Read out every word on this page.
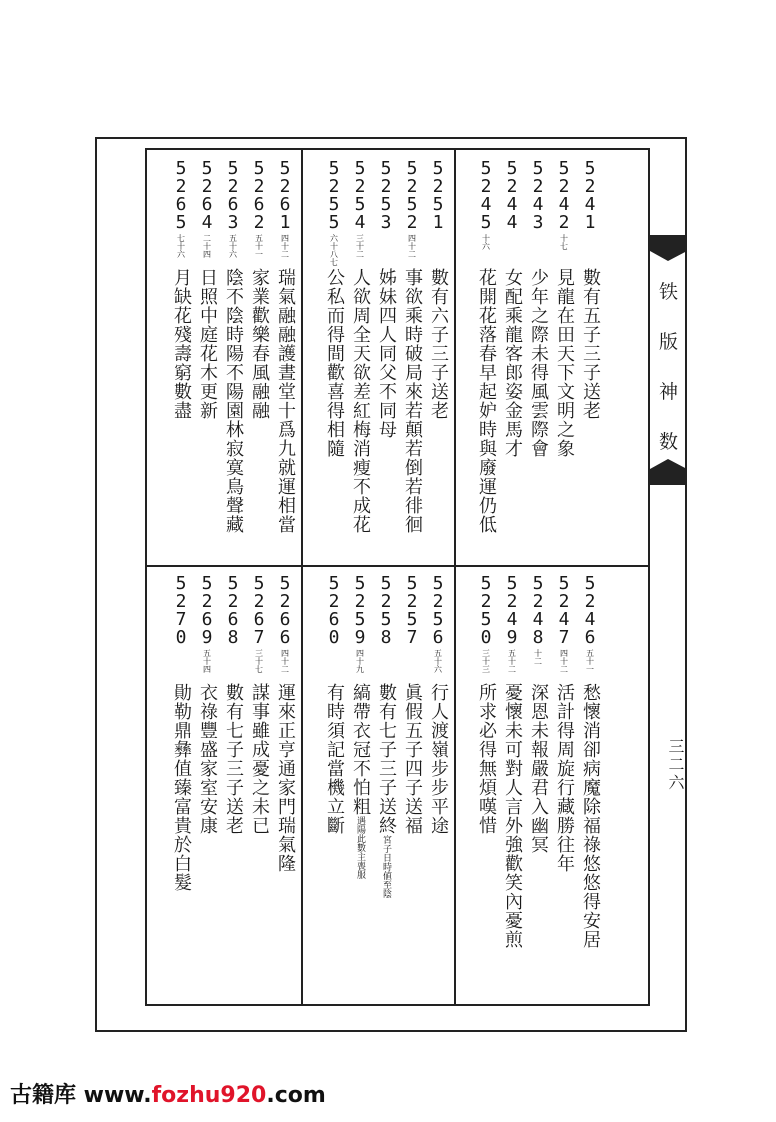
铁
版
神
数
三二六
5
2
4
1
數有五子三子送老
5
2
4
2
十七
見龍在田天下文明之象
5
2
4
3
少年之際未得風雲際會
5
2
4
4
女配乘龍客郎姿金馬才
5
2
4
5
十六
花開花落春早起妒時與廢運仍低
5
2
5
1
數有六子三子送老
5
2
5
2
四十二
事欲乘時破局來若顛若倒若徘徊
5
2
5
3
姊妹四人同父不同母
5
2
5
4
三十二
人欲周全天欲差紅梅消瘦不成花
5
2
5
5
六十八七
公私而得間歡喜得相隨
5
2
6
1
四十二
瑞氣融融護晝堂十爲九就運相當
5
2
6
2
五十一
家業歡樂春風融融
5
2
6
3
五十六
陰不陰時陽不陽園林寂寞鳥聲藏
5
2
6
4
二十四
日照中庭花木更新
5
2
6
5
七十六
月缺花殘壽窮數盡
5
2
4
6
五十一
愁懷消卻病魔除福祿悠悠得安居
5
2
4
7
四十二
活計得周旋行藏勝往年
5
2
4
8
十二
深恩未報嚴君入幽冥
5
2
4
9
五十二
憂懷未可對人言外強歡笑內憂煎
5
2
5
0
三十三
所求必得無煩嘆惜
5
2
5
6
五十六
行人渡嶺步步平途
5
2
5
7
眞假五子四子送福
5
2
5
8
數有七子三子送終
宮子日時値至陰
5
2
5
9
四十九
縞帶衣冠不怕粗
遇陽此數主喪服
5
2
6
0
有時須記當機立斷
5
2
6
6
四十二
運來正亨通家門瑞氣隆
5
2
6
7
三十七
謀事雖成憂之未已
5
2
6
8
數有七子三子送老
5
2
6
9
五十四
衣祿豐盛家室安康
5
2
7
0
勛勒鼎彝值臻富貴於白髮
古籍库 www.fozhu920.com
